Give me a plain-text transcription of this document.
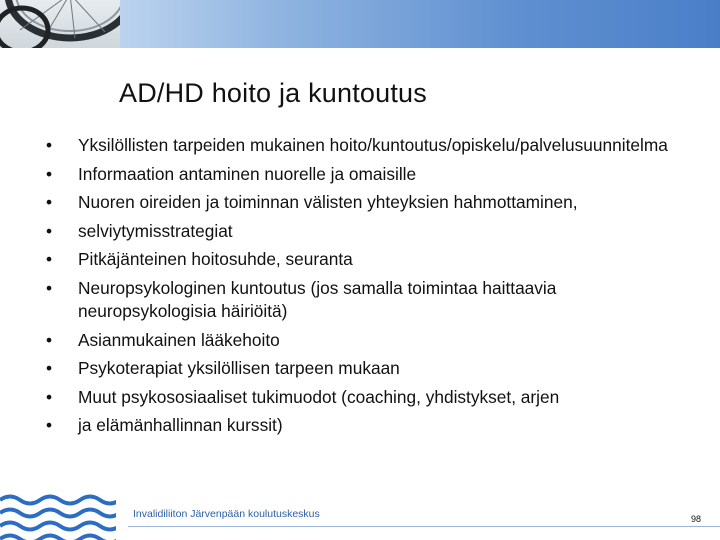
AD/HD hoito ja kuntoutus
•	Yksilöllisten tarpeiden mukainen hoito/kuntoutus/opiskelu/palvelusuunnitelma
•	Informaation antaminen nuorelle ja omaisille
•	Nuoren oireiden ja toiminnan välisten yhteyksien hahmottaminen,
•	selviytymisstrategiat
•	Pitkäjänteinen hoitosuhde, seuranta
•	Neuropsykologinen kuntoutus (jos samalla toimintaa haittaavia neuropsykologisia häiriöitä)
•	Asianmukainen lääkehoito
•	Psykoterapiat yksilöllisen tarpeen mukaan
•	Muut psykososiaaliset tukimuodot (coaching, yhdistykset, arjen
•	ja elämänhallinnan kurssit)
Invalidiliiton Järvenpään koulutuskeskus	98
